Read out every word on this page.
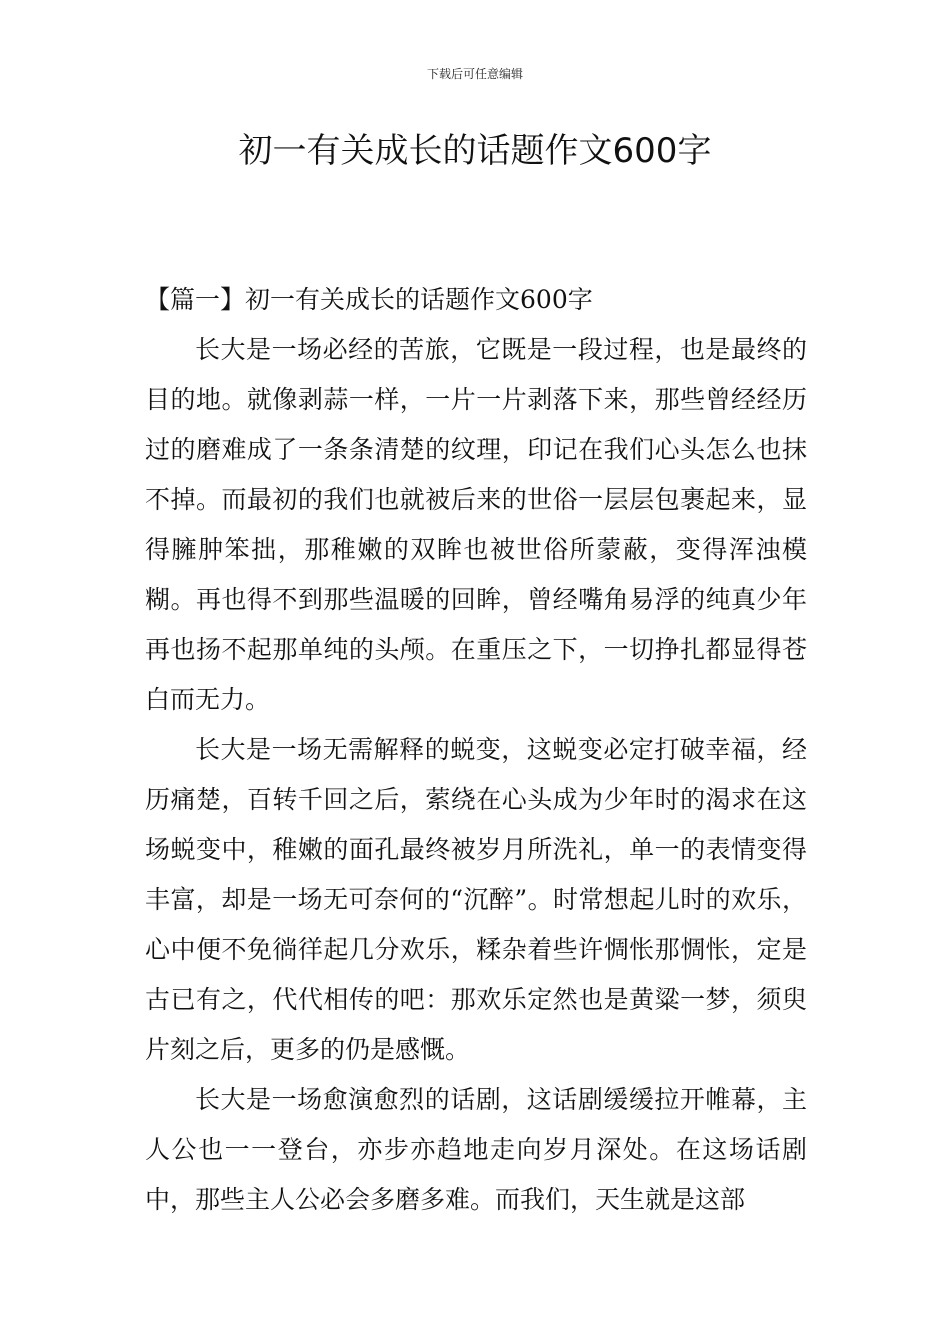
下载后可任意编辑
初一有关成长的话题作文600字

【篇一】初一有关成长的话题作文600字

长大是一场必经的苦旅，它既是一段过程，也是最终的目的地。就像剥蒜一样，一片一片剥落下来，那些曾经经历过的磨难成了一条条清楚的纹理，印记在我们心头怎么也抹不掉。而最初的我们也就被后来的世俗一层层包裹起来，显得臃肿笨拙，那稚嫩的双眸也被世俗所蒙蔽，变得浑浊模糊。再也得不到那些温暖的回眸，曾经嘴角易浮的纯真少年再也扬不起那单纯的头颅。在重压之下，一切挣扎都显得苍白而无力。

长大是一场无需解释的蜕变，这蜕变必定打破幸福，经历痛楚，百转千回之后，萦绕在心头成为少年时的渴求在这场蜕变中，稚嫩的面孔最终被岁月所洗礼，单一的表情变得丰富，却是一场无可奈何的“沉醉”。时常想起儿时的欢乐，心中便不免徜徉起几分欢乐，糅杂着些许惆怅那惆怅，定是古已有之，代代相传的吧：那欢乐定然也是黄粱一梦，须臾片刻之后，更多的仍是感慨。

长大是一场愈演愈烈的话剧，这话剧缓缓拉开帷幕，主人公也一一登台，亦步亦趋地走向岁月深处。在这场话剧中，那些主人公必会多磨多难。而我们，天生就是这部
